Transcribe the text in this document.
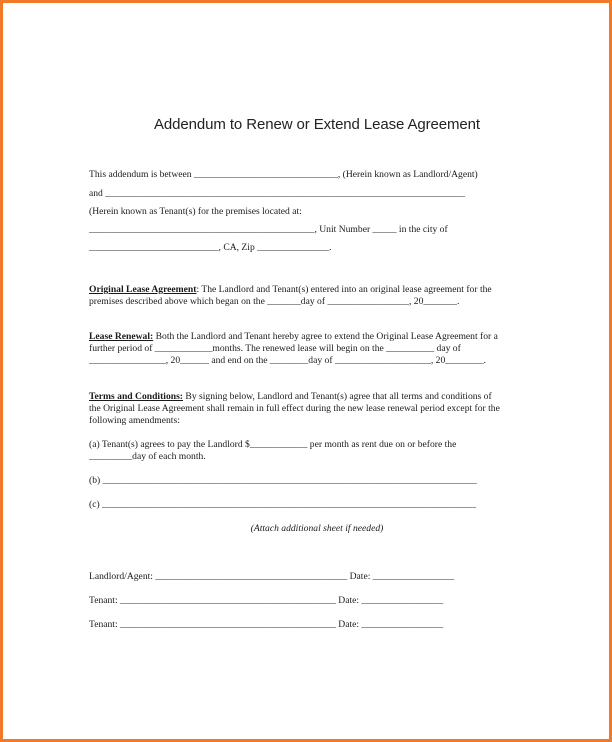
Addendum to Renew or Extend Lease Agreement
This addendum is between ______________________________, (Herein known as Landlord/Agent)
and ___________________________________________________________________________
(Herein known as Tenant(s) for the premises located at:
_______________________________________________, Unit Number _____ in the city of
___________________________, CA, Zip _______________.
Original Lease Agreement: The Landlord and Tenant(s) entered into an original lease agreement for the
premises described above which began on the _______day of _________________, 20_______.
Lease Renewal: Both the Landlord and Tenant hereby agree to extend the Original Lease Agreement for a
further period of ____________months. The renewed lease will begin on the __________ day of
________________, 20______ and end on the ________day of ____________________, 20________.
Terms and Conditions: By signing below, Landlord and Tenant(s) agree that all terms and conditions of
the Original Lease Agreement shall remain in full effect during the new lease renewal period except for the
following amendments:
(a) Tenant(s) agrees to pay the Landlord $____________ per month as rent due on or before the
_________day of each month.
(b) ______________________________________________________________________________
(c) ______________________________________________________________________________
(Attach additional sheet if needed)
Landlord/Agent: ________________________________________ Date: _________________
Tenant: _____________________________________________ Date: _________________
Tenant: _____________________________________________ Date: _________________
